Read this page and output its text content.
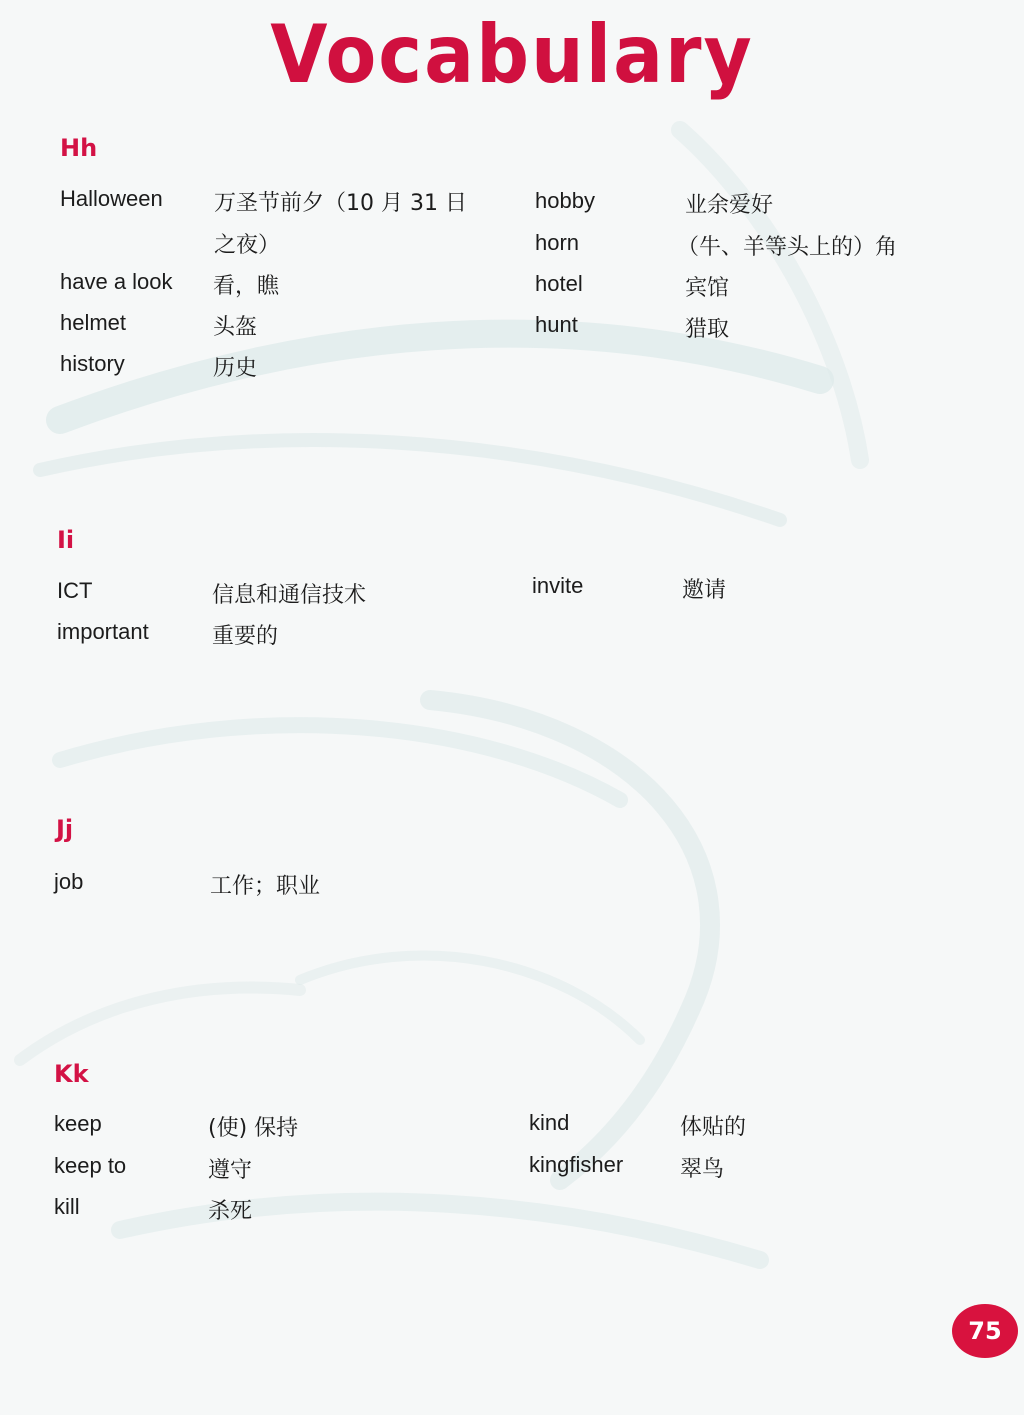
Vocabulary
Hh
Halloween 万圣节前夕（10 月 31 日
之夜）
have a look 看，瞧
helmet	头盔
history	历史
hobby	业余爱好
horn	（牛、羊等头上的）角
hotel	宾馆
hunt	猎取
Ii
ICT	信息和通信技术
important	重要的
invite	邀请
Jj
job	工作；职业
Kk
keep	(使) 保持
keep to	遵守
kill	杀死
kind	体贴的
kingfisher	翠鸟
75
